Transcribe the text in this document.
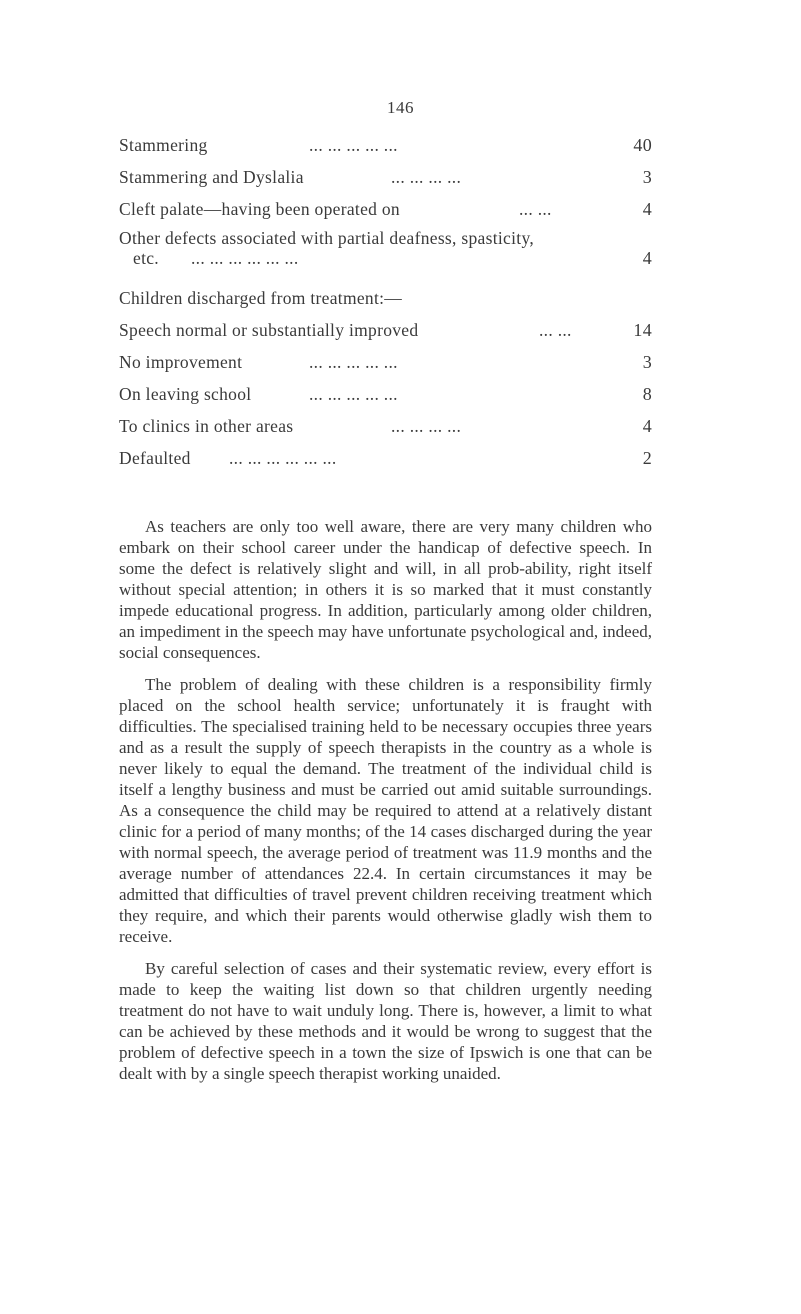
146
Stammering	... ... ... ... ...	40
Stammering and Dyslalia	... ... ... ...	3
Cleft palate—having been operated on	... ...	4
Other defects associated with partial deafness, spasticity,
etc. ... ... ... ... ... ...	4
Children discharged from treatment:—
Speech normal or substantially improved	... ...	14
No improvement	... ... ... ... ...	3
On leaving school	... ... ... ... ...	8
To clinics in other areas	... ... ... ...	4
Defaulted ... ... ... ... ... ...	2

As teachers are only too well aware, there are very many children who embark on their school career under the handicap of defective speech. In some the defect is relatively slight and will, in all prob-ability, right itself without special attention; in others it is so marked that it must constantly impede educational progress. In addition, particularly among older children, an impediment in the speech may have unfortunate psychological and, indeed, social consequences.

The problem of dealing with these children is a responsibility firmly placed on the school health service; unfortunately it is fraught with difficulties. The specialised training held to be necessary occupies three years and as a result the supply of speech therapists in the country as a whole is never likely to equal the demand. The treatment of the individual child is itself a lengthy business and must be carried out amid suitable surroundings. As a consequence the child may be required to attend at a relatively distant clinic for a period of many months; of the 14 cases discharged during the year with normal speech, the average period of treatment was 11.9 months and the average number of attendances 22.4. In certain circumstances it may be admitted that difficulties of travel prevent children receiving treatment which they require, and which their parents would otherwise gladly wish them to receive.

By careful selection of cases and their systematic review, every effort is made to keep the waiting list down so that children urgently needing treatment do not have to wait unduly long. There is, however, a limit to what can be achieved by these methods and it would be wrong to suggest that the problem of defective speech in a town the size of Ipswich is one that can be dealt with by a single speech therapist working unaided.
